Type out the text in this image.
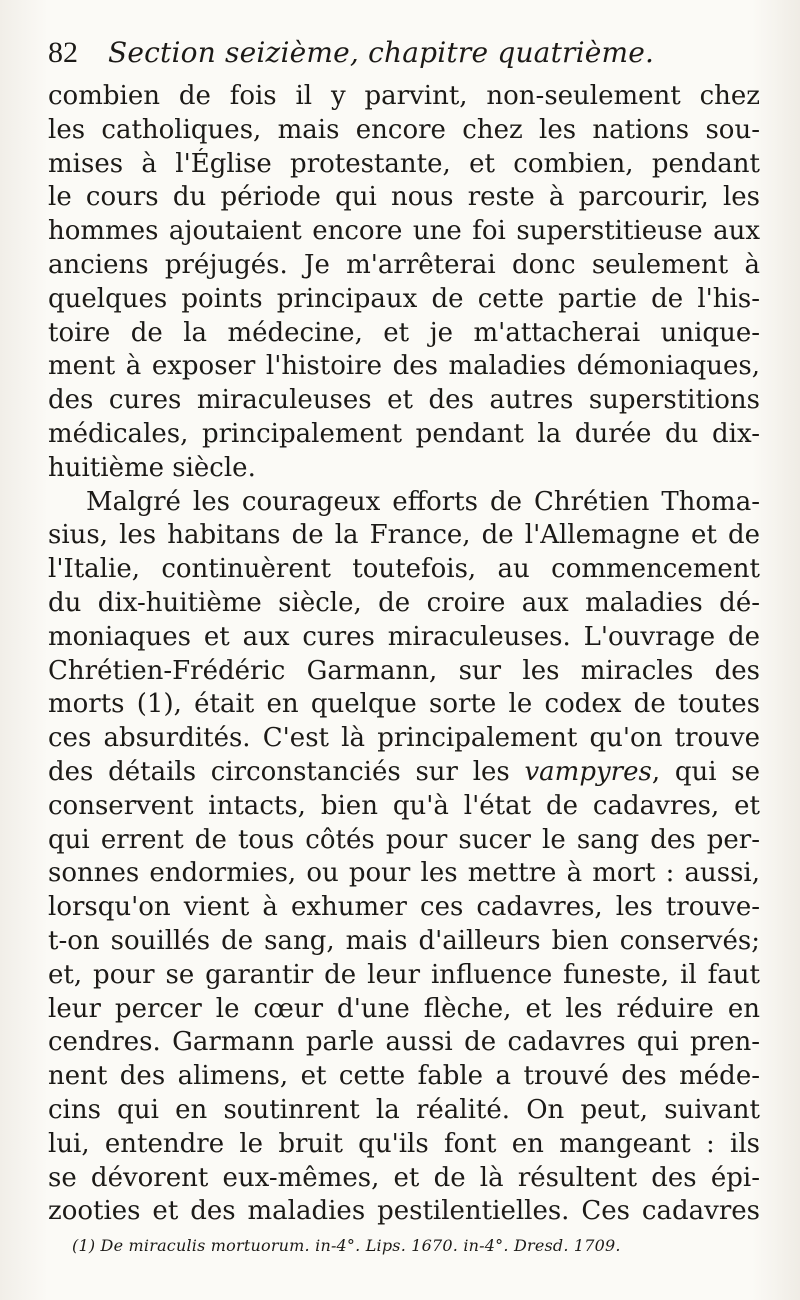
82 Section seizième, chapitre quatrième.
combien de fois il y parvint, non-seulement chez
les catholiques, mais encore chez les nations sou-
mises à l'Église protestante, et combien, pendant
le cours du période qui nous reste à parcourir, les
hommes ajoutaient encore une foi superstitieuse aux
anciens préjugés. Je m'arrêterai donc seulement à
quelques points principaux de cette partie de l'his-
toire de la médecine, et je m'attacherai unique-
ment à exposer l'histoire des maladies démoniaques,
des cures miraculeuses et des autres superstitions
médicales, principalement pendant la durée du dix-
huitième siècle.
Malgré les courageux efforts de Chrétien Thoma-
sius, les habitans de la France, de l'Allemagne et de
l'Italie, continuèrent toutefois, au commencement
du dix-huitième siècle, de croire aux maladies dé-
moniaques et aux cures miraculeuses. L'ouvrage de
Chrétien-Frédéric Garmann, sur les miracles des
morts (1), était en quelque sorte le codex de toutes
ces absurdités. C'est là principalement qu'on trouve
des détails circonstanciés sur les vampyres, qui se
conservent intacts, bien qu'à l'état de cadavres, et
qui errent de tous côtés pour sucer le sang des per-
sonnes endormies, ou pour les mettre à mort : aussi,
lorsqu'on vient à exhumer ces cadavres, les trouve-
t-on souillés de sang, mais d'ailleurs bien conservés;
et, pour se garantir de leur influence funeste, il faut
leur percer le cœur d'une flèche, et les réduire en
cendres. Garmann parle aussi de cadavres qui pren-
nent des alimens, et cette fable a trouvé des méde-
cins qui en soutinrent la réalité. On peut, suivant
lui, entendre le bruit qu'ils font en mangeant : ils
se dévorent eux-mêmes, et de là résultent des épi-
zooties et des maladies pestilentielles. Ces cadavres
(1) De miraculis mortuorum. in-4°. Lips. 1670. in-4°. Dresd. 1709.
